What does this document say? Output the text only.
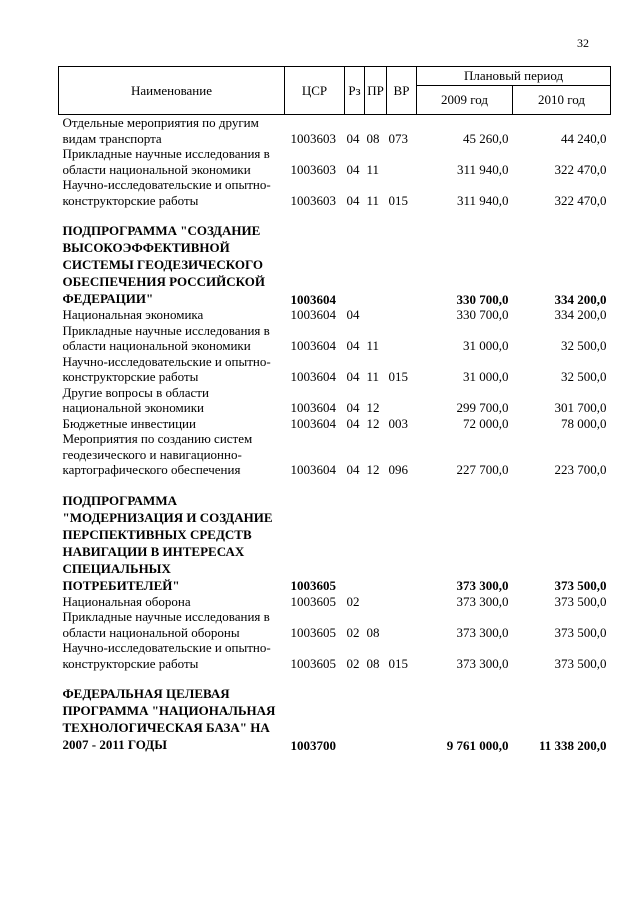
32
Наименование	ЦСР	Рз	ПР	ВР	Плановый период	
					2009 год	2010 год
Отдельные мероприятия по другим видам транспорта	1003603	04	08	073	45 260,0	44 240,0
Прикладные научные исследования в области национальной экономики	1003603	04	11		311 940,0	322 470,0
Научно-исследовательские и опытно-конструкторские работы	1003603	04	11	015	311 940,0	322 470,0

ПОДПРОГРАММА "СОЗДАНИЕ ВЫСОКОЭФФЕКТИВНОЙ СИСТЕМЫ ГЕОДЕЗИЧЕСКОГО ОБЕСПЕЧЕНИЯ РОССИЙСКОЙ ФЕДЕРАЦИИ"	1003604				330 700,0	334 200,0
Национальная экономика	1003604	04			330 700,0	334 200,0
Прикладные научные исследования в области национальной экономики	1003604	04	11		31 000,0	32 500,0
Научно-исследовательские и опытно-конструкторские работы	1003604	04	11	015	31 000,0	32 500,0
Другие вопросы в области национальной экономики	1003604	04	12		299 700,0	301 700,0
Бюджетные инвестиции	1003604	04	12	003	72 000,0	78 000,0
Мероприятия по созданию систем геодезического и навигационно-картографического обеспечения	1003604	04	12	096	227 700,0	223 700,0

ПОДПРОГРАММА "МОДЕРНИЗАЦИЯ И СОЗДАНИЕ ПЕРСПЕКТИВНЫХ СРЕДСТВ НАВИГАЦИИ В ИНТЕРЕСАХ СПЕЦИАЛЬНЫХ ПОТРЕБИТЕЛЕЙ"	1003605				373 300,0	373 500,0
Национальная оборона	1003605	02			373 300,0	373 500,0
Прикладные научные исследования в области национальной обороны	1003605	02	08		373 300,0	373 500,0
Научно-исследовательские и опытно-конструкторские работы	1003605	02	08	015	373 300,0	373 500,0

ФЕДЕРАЛЬНАЯ ЦЕЛЕВАЯ ПРОГРАММА "НАЦИОНАЛЬНАЯ ТЕХНОЛОГИЧЕСКАЯ БАЗА" НА 2007 - 2011 ГОДЫ	1003700				9 761 000,0	11 338 200,0
